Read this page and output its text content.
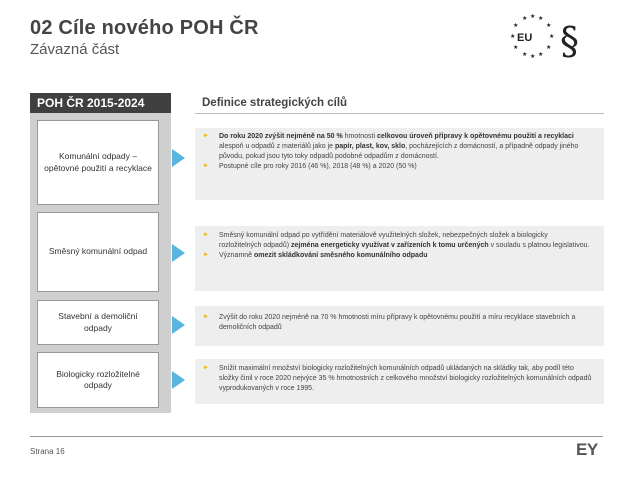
02 Cíle nového POH ČR
Závazná část
★ ★ ★
★	★
★	★
★	★
★ ★ ★ §
EU
POH ČR 2015-2024	Definice strategických cílů
Komunální odpady – opětovné použití a recyklace
► Do roku 2020 zvýšit nejméně na 50 % hmotnosti celkovou úroveň přípravy k opětovnému použití a recyklaci alespoň u odpadů z materiálů jako je papír, plast, kov, sklo, pocházejících z domácností, a případně odpady jiného původu, pokud jsou tyto toky odpadů podobné odpadům z domácností.
► Postupné cíle pro roky 2016 (46 %), 2018 (48 %) a 2020 (50 %)
Směsný komunální odpad
► Směsný komunální odpad po vytřídění materiálově využitelných složek, nebezpečných složek a biologicky rozložitelných odpadů) zejména energeticky využívat v zařízeních k tomu určených v souladu s platnou legislativou.
► Významně omezit skládkování směsného komunálního odpadu
Stavební a demoliční odpady
► Zvýšit do roku 2020 nejméně na 70 % hmotnosti míru přípravy k opětovnému použití a míru recyklace stavebních a demoličních odpadů
Biologicky rozložitelné odpady
► Snížit maximální množství biologicky rozložitelných komunálních odpadů ukládaných na skládky tak, aby podíl této složky činil v roce 2020 nejvýce 35 % hmotnostních z celkového množství biologicky rozložitelných komunálních odpadů vyprodukovaných v roce 1995.
Strana 16	EY
